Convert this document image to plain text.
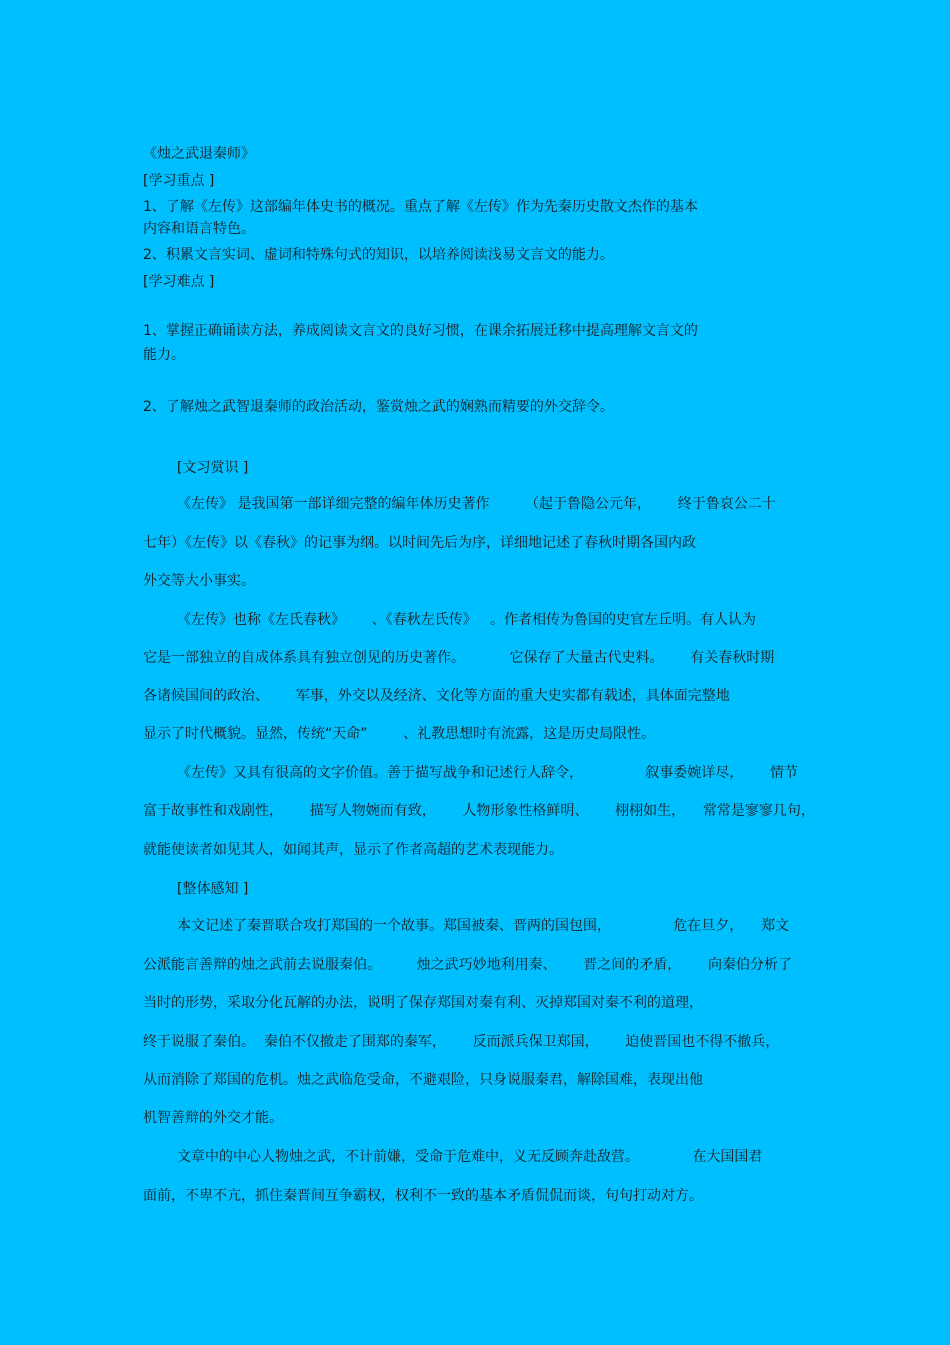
《烛之武退秦师》
[学习重点 ]
1、了解《左传》这部编年体史书的概况。重点了解《左传》作为先秦历史散文杰作的基本
内容和语言特色。
2、积累文言实词、虚词和特殊句式的知识，以培养阅读浅易文言文的能力。
[学习难点 ]
1、掌握正确诵读方法，养成阅读文言文的良好习惯，在课余拓展迁移中提高理解文言文的
能力。
2、了解烛之武智退秦师的政治活动，鉴赏烛之武的娴熟而精要的外交辞令。
[文习赏识 ]
《左传》 是我国第一部详细完整的编年体历史著作        （起于鲁隐公元年，      终于鲁哀公二十
七年）《左传》以《春秋》的记事为纲。以时间先后为序，详细地记述了春秋时期各国内政
外交等大小事实。
《左传》也称《左氏春秋》      、《春秋左氏传》   。作者相传为鲁国的史官左丘明。有人认为
它是一部独立的自成体系具有独立创见的历史著作。          它保存了大量古代史料。      有关春秋时期
各诸候国间的政治、      军事，外交以及经济、文化等方面的重大史实都有载述，具体面完整地
显示了时代概貌。显然，传统“天命”        、礼教思想时有流露，这是历史局限性。
《左传》又具有很高的文字价值。善于描写战争和记述行人辞令，              叙事委婉详尽，      情节
富于故事性和戏剧性，      描写人物婉而有致，      人物形象性格鲜明、      栩栩如生，    常常是寥寥几句，
就能使读者如见其人，如闻其声，显示了作者高超的艺术表现能力。
[整体感知 ]
本文记述了秦晋联合攻打郑国的一个故事。郑国被秦、晋两的国包围，              危在旦夕，    郑文
公派能言善辩的烛之武前去说服秦伯。        烛之武巧妙地利用秦、      晋之间的矛盾，      向秦伯分析了
当时的形势，采取分化瓦解的办法，说明了保存郑国对秦有利、灭掉郑国对秦不利的道理，
终于说服了秦伯。  秦伯不仅撤走了围郑的秦军，      反而派兵保卫郑国，      迫使晋国也不得不撤兵，
从而消除了郑国的危机。烛之武临危受命，不避艰险，只身说服秦君，解除国难，表现出他
机智善辩的外交才能。
文章中的中心人物烛之武，不计前嫌，受命于危难中，义无反顾奔赴敌营。            在大国国君
面前，不卑不亢，抓住秦晋间互争霸权，权利不一致的基本矛盾侃侃而谈，句句打动对方。
